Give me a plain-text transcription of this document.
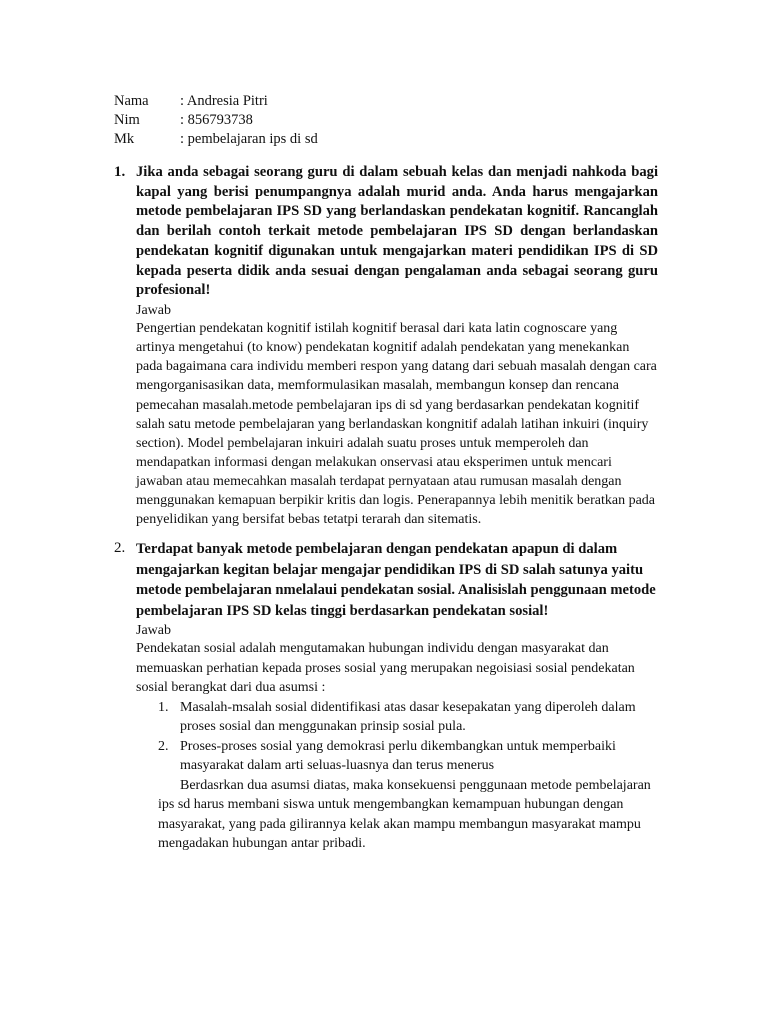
Nama	: Andresia Pitri
Nim	: 856793738
Mk	: pembelajaran ips di sd
1. Jika anda sebagai seorang guru di dalam sebuah kelas dan menjadi nahkoda bagi kapal yang berisi penumpangnya adalah murid anda. Anda harus mengajarkan metode pembelajaran IPS SD yang berlandaskan pendekatan kognitif. Rancanglah dan berilah contoh terkait metode pembelajaran IPS SD dengan berlandaskan pendekatan kognitif digunakan untuk mengajarkan materi pendidikan IPS di SD kepada peserta didik anda sesuai dengan pengalaman anda sebagai seorang guru profesional!

Jawab

Pengertian pendekatan kognitif istilah kognitif berasal dari kata latin cognoscare yang artinya mengetahui (to know) pendekatan kognitif adalah pendekatan yang menekankan pada bagaimana cara individu memberi respon yang datang dari sebuah masalah dengan cara mengorganisasikan data, memformulasikan masalah, membangun konsep dan rencana pemecahan masalah.metode pembelajaran ips di sd yang berdasarkan pendekatan kognitif salah satu metode pembelajaran yang berlandaskan kongnitif adalah latihan inkuiri (inquiry section). Model pembelajaran inkuiri adalah suatu proses untuk memperoleh dan mendapatkan informasi dengan melakukan onservasi atau eksperimen untuk mencari jawaban atau memecahkan masalah terdapat pernyataan atau rumusan masalah dengan menggunakan kemapuan berpikir kritis dan logis. Penerapannya lebih menitik beratkan pada penyelidikan yang bersifat bebas tetatpi terarah dan sitematis.

2. Terdapat banyak metode pembelajaran dengan pendekatan apapun di dalam mengajarkan kegitan belajar mengajar pendidikan IPS di SD salah satunya yaitu metode pembelajaran nmelalaui pendekatan sosial. Analisislah penggunaan metode pembelajaran IPS SD kelas tinggi berdasarkan pendekatan sosial!

Jawab

Pendekatan sosial adalah mengutamakan hubungan individu dengan masyarakat dan memuaskan perhatian kepada proses sosial yang merupakan negoisiasi sosial pendekatan sosial berangkat dari dua asumsi :

1. Masalah-msalah sosial didentifikasi atas dasar kesepakatan yang diperoleh dalam proses sosial dan menggunakan prinsip sosial pula.
2. Proses-proses sosial yang demokrasi perlu dikembangkan untuk memperbaiki masyarakat dalam arti seluas-luasnya dan terus menerus

Berdasrkan dua asumsi diatas, maka konsekuensi penggunaan metode pembelajaran ips sd harus membani siswa untuk mengembangkan kemampuan hubungan dengan masyarakat, yang pada gilirannya kelak akan mampu membangun masyarakat mampu mengadakan hubungan antar pribadi.
